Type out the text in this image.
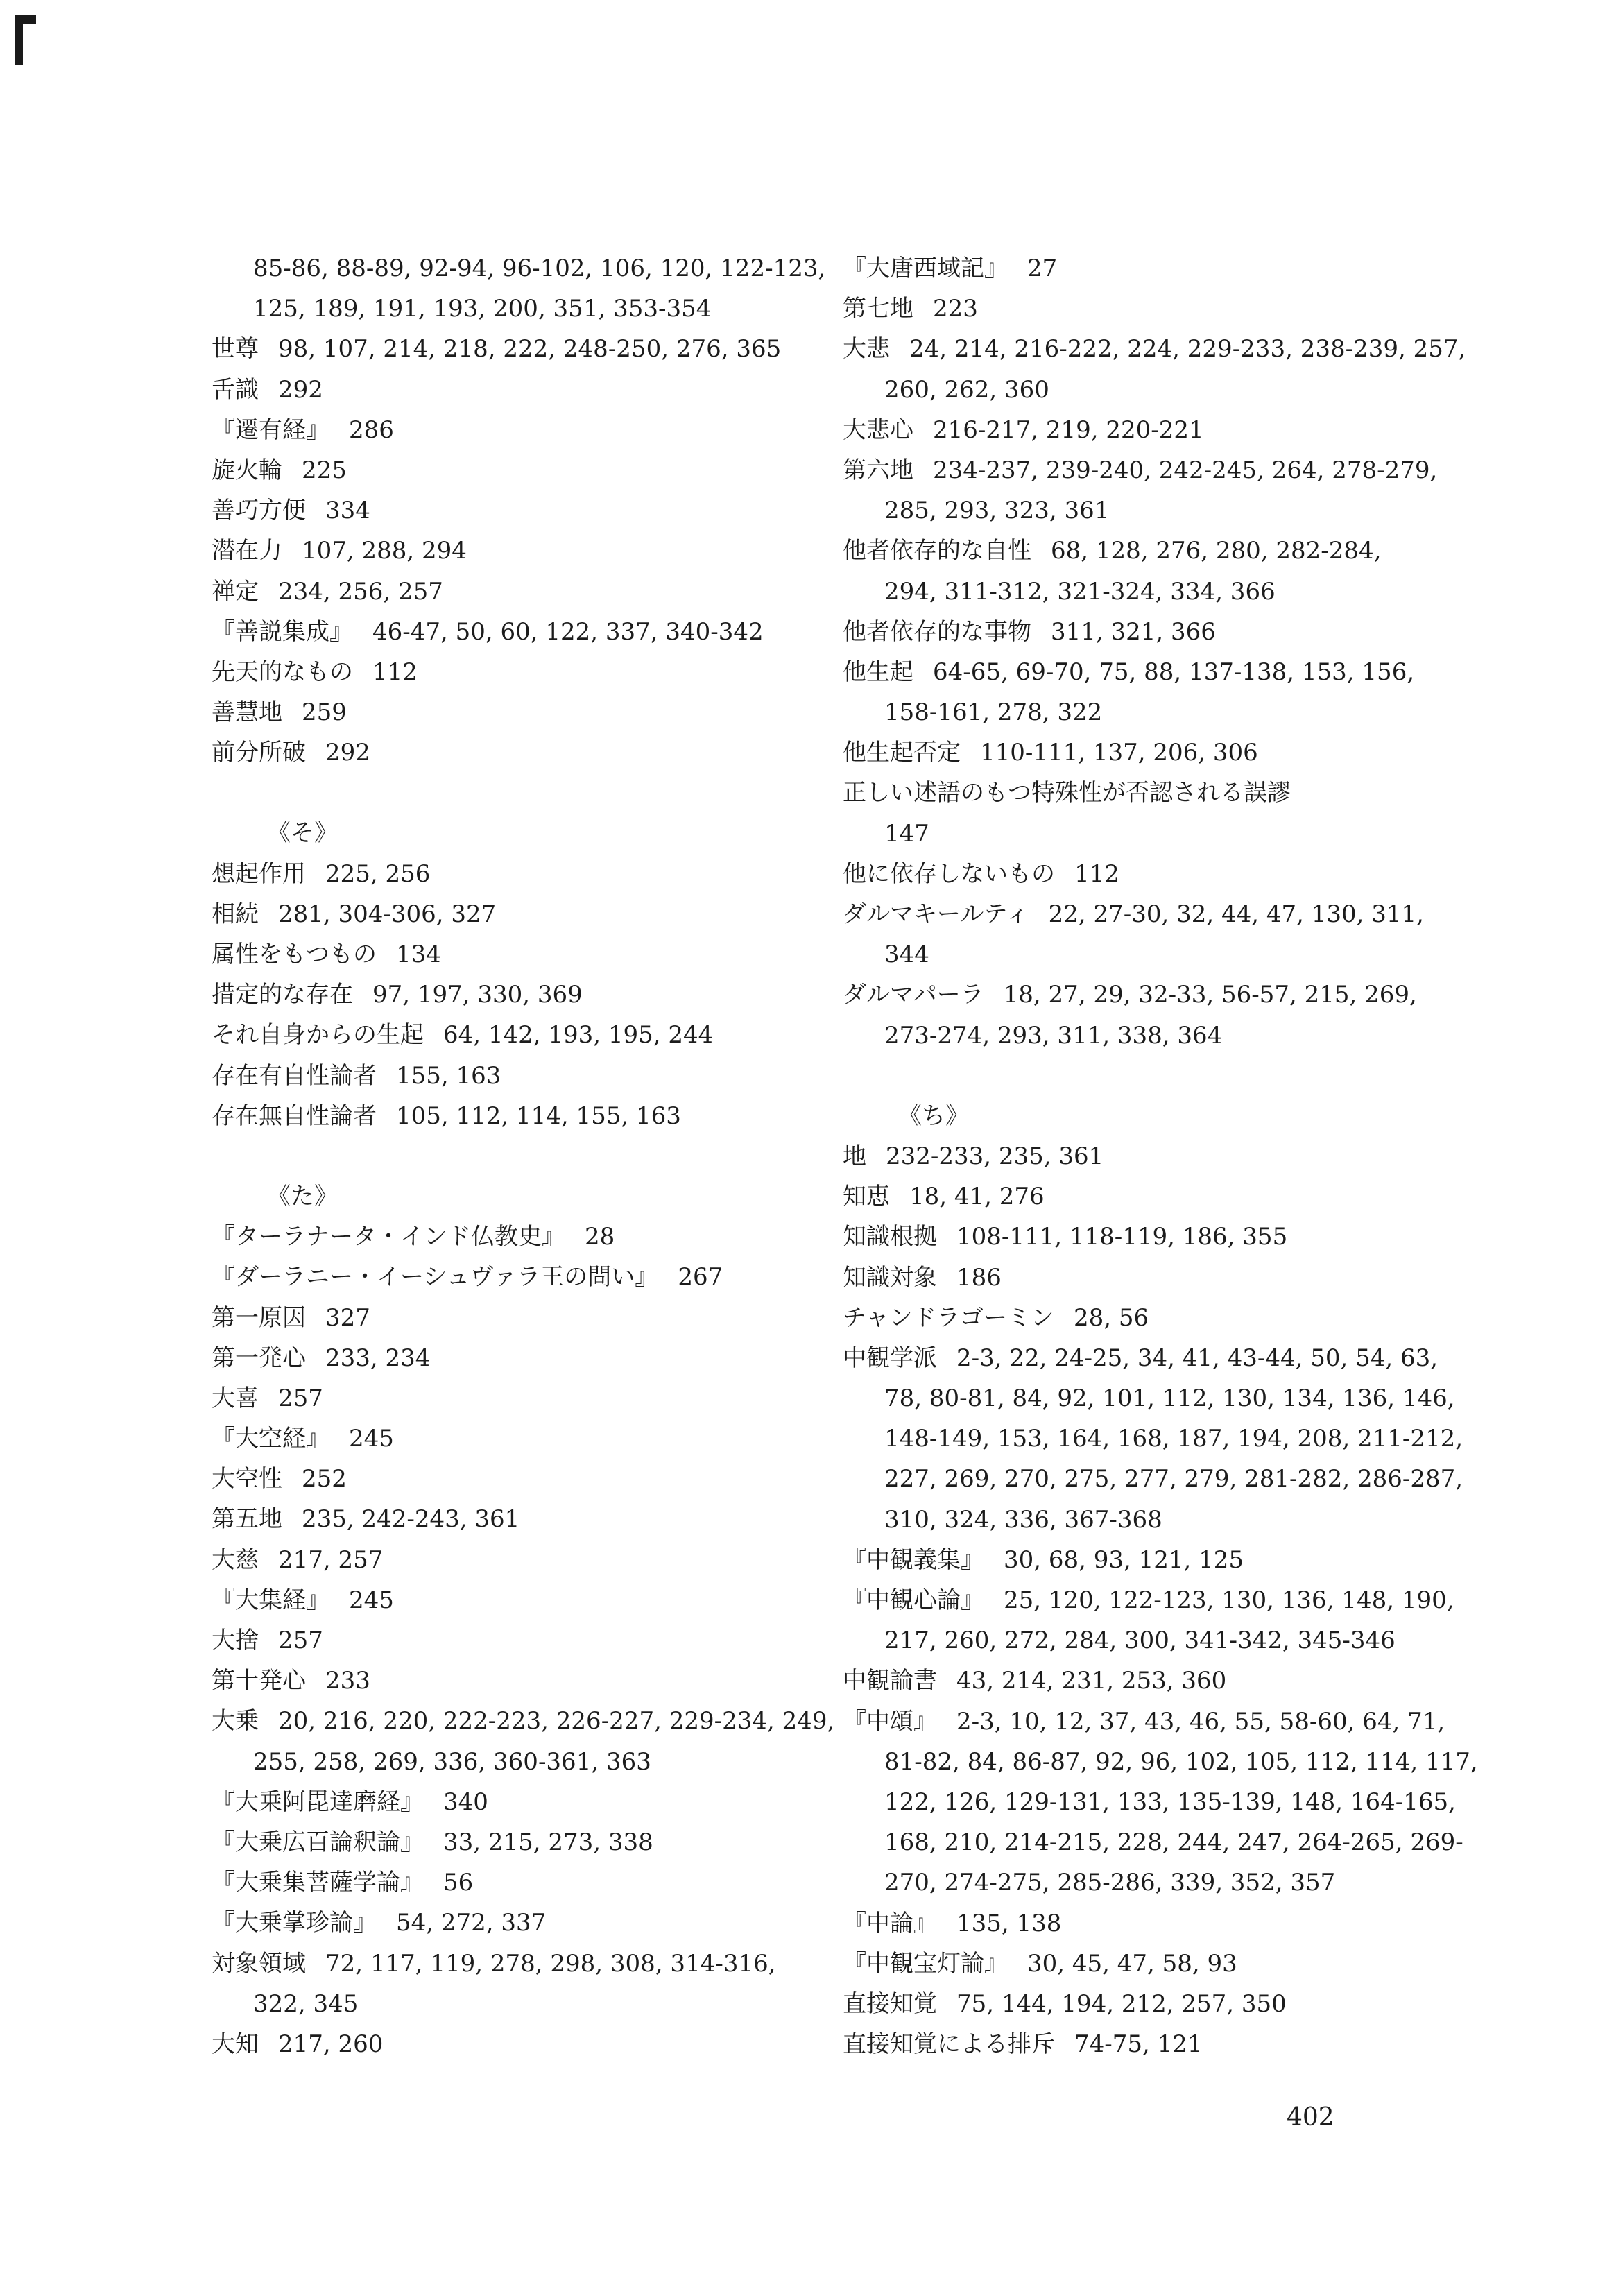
85-86, 88-89, 92-94, 96-102, 106, 120, 122-123,
125, 189, 191, 193, 200, 351, 353-354
世尊 98, 107, 214, 218, 222, 248-250, 276, 365
舌識 292
『遷有経』 286
旋火輪 225
善巧方便 334
潜在力 107, 288, 294
禅定 234, 256, 257
『善説集成』 46-47, 50, 60, 122, 337, 340-342
先天的なもの 112
善慧地 259
前分所破 292
《そ》
想起作用 225, 256
相続 281, 304-306, 327
属性をもつもの 134
措定的な存在 97, 197, 330, 369
それ自身からの生起 64, 142, 193, 195, 244
存在有自性論者 155, 163
存在無自性論者 105, 112, 114, 155, 163
《た》
『ターラナータ・インド仏教史』 28
『ダーラニー・イーシュヴァラ王の問い』 267
第一原因 327
第一発心 233, 234
大喜 257
『大空経』 245
大空性 252
第五地 235, 242-243, 361
大慈 217, 257
『大集経』 245
大捨 257
第十発心 233
大乗 20, 216, 220, 222-223, 226-227, 229-234, 249,
255, 258, 269, 336, 360-361, 363
『大乗阿毘達磨経』 340
『大乗広百論釈論』 33, 215, 273, 338
『大乗集菩薩学論』 56
『大乗掌珍論』 54, 272, 337
対象領域 72, 117, 119, 278, 298, 308, 314-316,
322, 345
大知 217, 260
『大唐西域記』 27
第七地 223
大悲 24, 214, 216-222, 224, 229-233, 238-239, 257,
260, 262, 360
大悲心 216-217, 219, 220-221
第六地 234-237, 239-240, 242-245, 264, 278-279,
285, 293, 323, 361
他者依存的な自性 68, 128, 276, 280, 282-284,
294, 311-312, 321-324, 334, 366
他者依存的な事物 311, 321, 366
他生起 64-65, 69-70, 75, 88, 137-138, 153, 156,
158-161, 278, 322
他生起否定 110-111, 137, 206, 306
正しい述語のもつ特殊性が否認される誤謬
147
他に依存しないもの 112
ダルマキールティ 22, 27-30, 32, 44, 47, 130, 311,
344
ダルマパーラ 18, 27, 29, 32-33, 56-57, 215, 269,
273-274, 293, 311, 338, 364
《ち》
地 232-233, 235, 361
知恵 18, 41, 276
知識根拠 108-111, 118-119, 186, 355
知識対象 186
チャンドラゴーミン 28, 56
中観学派 2-3, 22, 24-25, 34, 41, 43-44, 50, 54, 63,
78, 80-81, 84, 92, 101, 112, 130, 134, 136, 146,
148-149, 153, 164, 168, 187, 194, 208, 211-212,
227, 269, 270, 275, 277, 279, 281-282, 286-287,
310, 324, 336, 367-368
『中観義集』 30, 68, 93, 121, 125
『中観心論』 25, 120, 122-123, 130, 136, 148, 190,
217, 260, 272, 284, 300, 341-342, 345-346
中観論書 43, 214, 231, 253, 360
『中頌』 2-3, 10, 12, 37, 43, 46, 55, 58-60, 64, 71,
81-82, 84, 86-87, 92, 96, 102, 105, 112, 114, 117,
122, 126, 129-131, 133, 135-139, 148, 164-165,
168, 210, 214-215, 228, 244, 247, 264-265, 269-
270, 274-275, 285-286, 339, 352, 357
『中論』 135, 138
『中観宝灯論』 30, 45, 47, 58, 93
直接知覚 75, 144, 194, 212, 257, 350
直接知覚による排斥 74-75, 121
402
